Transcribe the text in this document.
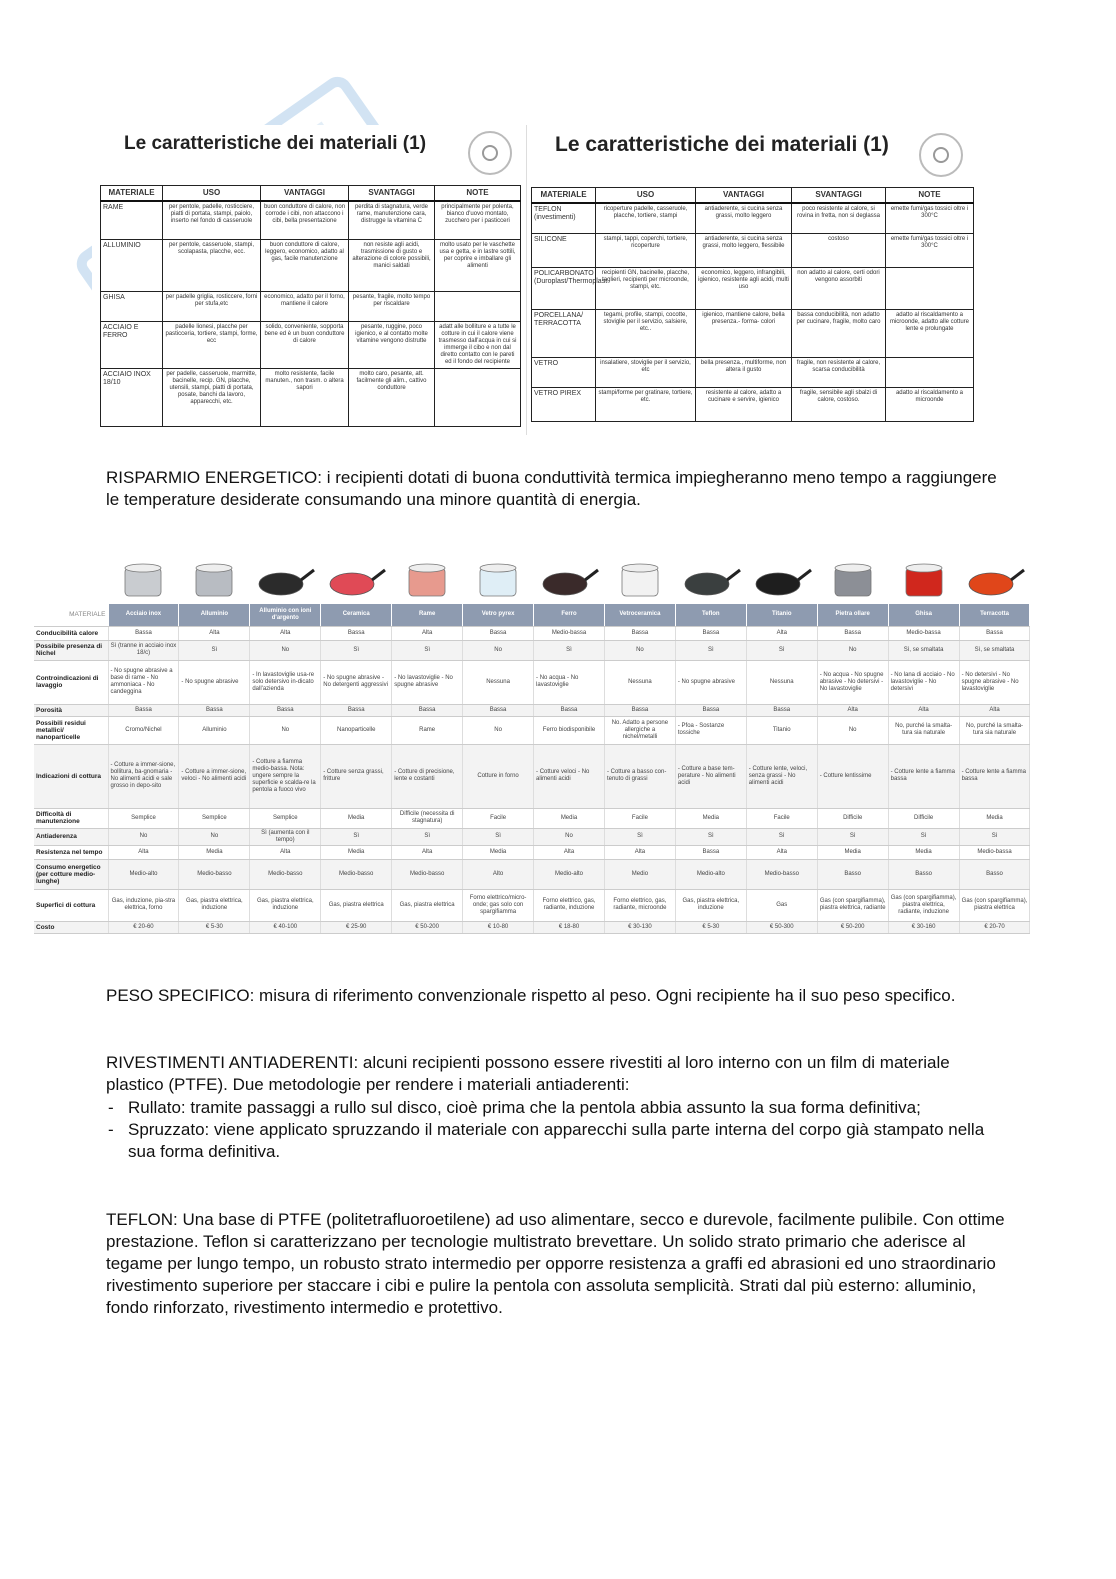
Le caratteristiche dei materiali (1)
MATERIALE	USO	VANTAGGI	SVANTAGGI	NOTE
RAME	per pentole, padelle, rosticciere, piatti di portata, stampi, paiolo, inserto nel fondo di casseruole	buon conduttore di calore, non corrode i cibi, non attaccono i cibi, bella presentazione	perdita di stagnatura, verde rame, manutenzione cara, distrugge la vitamina C	principalmente per polenta, bianco d'uovo montato, zucchero per i pasticceri
ALLUMINIO	per pentole, casseruole, stampi, scolapasta, placche, ecc.	buon conduttore di calore, leggero, economico, adatto al gas, facile manutenzione	non resiste agli acidi, trasmissione di gusto e alterazione di colore possibili, manici saldati	molto usato per le vaschette usa e getta, e in lastre sottili, per coprire e imballare gli alimenti
GHISA	per padelle griglia, rosticcere, forni per stufa,etc	economico, adatto per il forno, mantiene il calore	pesante, fragile, molto tempo per riscaldare	
ACCIAIO E FERRO	padelle lionesi, placche per pasticceria, tortiere, stampi, forme, ecc	solido, conveniente, sopporta bene ed è un buon conduttore di calore	pesante, ruggine, poco igienico, e al contatto molte vitamine vengono distrutte	adatt alle bolliture e a tutte le cotture in cui il calore viene trasmesso dall'acqua in cui si immerge il cibo e non dal diretto contatto con le pareti ed il fondo del recipiente
ACCIAIO INOX 18/10	per padelle, casseruole, marmitte, bacinelle, recip. GN, placche, utensili, stampi, piatti di portata, posate, banchi da lavoro, apparecchi, etc.	molto resistente, facile manuten., non trasm. o altera sapori	molto caro, pesante, att. facilmente gli alim., cattivo conduttore	
Le caratteristiche dei materiali (1)
MATERIALE	USO	VANTAGGI	SVANTAGGI	NOTE
TEFLON (investimenti)	ricoperture padelle, casseruole, placche, tortiere, stampi	antiaderente, si cucina senza grassi, molto leggero	poco resistente al calore, si rovina in fretta, non si deglassa	emette fumi/gas tossici oltre i 300°C
SILICONE	stampi, tappi, coperchi, tortiere, ricoperture	antiaderente, si cucina senza grassi, molto leggero, flessibile	costoso	emette fumi/gas tossici oltre i 300°C
POLICARBONATO (Duroplast/Thermoplast	recipienti GN, bacinelle, placche, taglieri, recipienti per microonde, stampi, etc.	economico, leggero, infrangibili, igienico, resistente agli acidi, multi uso	non adatto al calore, certi odori vengono assorbiti	
PORCELLANA/ TERRACOTTA	tegami, profile, stampi, cocotte, stoviglie per il servizio, salsiere, etc..	igienico, mantiene calore, bella presenza.- forma- colori	bassa conducibilità, non adatto per cucinare, fragile, molto caro	adatto al riscaldamento a microonde, adatto alle cotture lente e prolungate
VETRO	insalatiere, stoviglie per il servizio, etc	bella presenza., multiforme, non altera il gusto	fragile, non resistente al calore, scarsa conducibilità	
VETRO PIREX	stampi/forme per gratinare, tortiere, etc.	resistente al calore, adatto a cucinare e servire, igienico	fragile, sensibile agli sbalzi di calore, costoso.	adatto al riscaldamento a microonde

RISPARMIO ENERGETICO: i recipienti dotati di buona conduttività termica impiegheranno meno tempo a raggiungere le temperature desiderate consumando una minore quantità di energia.

MATERIALE	Acciaio inox	Alluminio	Alluminio con ioni d'argento	Ceramica	Rame	Vetro pyrex	Ferro	Vetroceramica	Teflon	Titanio	Pietra ollare	Ghisa	Terracotta
Conducibilità calore	Bassa	Alta	Alta	Bassa	Alta	Bassa	Medio-bassa	Bassa	Bassa	Alta	Bassa	Medio-bassa	Bassa
Possibile presenza di Nichel	Sì (tranne in acciaio inox 18/c)	Sì	No	Sì	Sì	No	Sì	No	Sì	Sì	No	Sì, se smaltata	Sì, se smaltata
Controindicazioni di lavaggio	- No spugne abrasive a base di rame - No ammoniaca - No candeggina	- No spugne abrasive	- In lavastoviglie usa-re solo detersivo in-dicato dall'azienda	- No spugne abrasive - No detergenti aggressivi	- No lavastoviglie - No spugne abrasive	Nessuna	- No acqua - No lavastoviglie	Nessuna	- No spugne abrasive	Nessuna	- No acqua - No spugne abrasive - No detersivi - No lavastoviglie	- No lana di acciaio - No lavastoviglie - No detersivi	- No detersivi - No spugne abrasive - No lavastoviglie
Porosità	Bassa	Bassa	Bassa	Bassa	Bassa	Bassa	Bassa	Bassa	Bassa	Bassa	Alta	Alta	Alta
Possibili residui metallici/ nanoparticelle	Cromo/Nichel	Alluminio	No	Nanoparticelle	Rame	No	Ferro biodisponibile	No. Adatto a persone allergiche a nichel/metalli	- Pfoa - Sostanze tossiche	Titanio	No	No, purché la smalta-tura sia naturale	No, purché la smalta-tura sia naturale
Indicazioni di cottura	- Cotture a immer-sione, bollitura, ba-gnomaria - No alimenti acidi e sale grosso in depo-sito	- Cotture a immer-sione, veloci - No alimenti acidi	- Cotture a fiamma medio-bassa. Nota: ungere sempre la superficie e scalda-re la pentola a fuoco vivo	- Cotture senza grassi, fritture	- Cotture di precisione, lente e costanti	Cotture in forno	- Cotture veloci - No alimenti acidi	- Cotture a basso con-tenuto di grassi	- Cotture a base tem-perature - No alimenti acidi	- Cotture lente, veloci, senza grassi - No alimenti acidi	- Cotture lentissime	- Cotture lente a fiamma bassa	- Cotture lente a fiamma bassa
Difficoltà di manutenzione	Semplice	Semplice	Semplice	Media	Difficile (necessita di stagnatura)	Facile	Media	Facile	Media	Facile	Difficile	Difficile	Media
Antiaderenza	No	No	Sì (aumenta con il tempo)	Sì	Sì	Sì	No	Sì	Sì	Sì	Sì	Sì	Sì
Resistenza nel tempo	Alta	Media	Alta	Media	Alta	Media	Alta	Alta	Bassa	Alta	Media	Media	Medio-bassa
Consumo energetico (per cotture medio-lunghe)	Medio-alto	Medio-basso	Medio-basso	Medio-basso	Medio-basso	Alto	Medio-alto	Medio	Medio-alto	Medio-basso	Basso	Basso	Basso
Superfici di cottura	Gas, induzione, pia-stra elettrica, forno	Gas, piastra elettrica, induzione	Gas, piastra elettrica, induzione	Gas, piastra elettrica	Gas, piastra elettrica	Forno elettrico/micro-onde; gas solo con spargifiamma	Forno elettrico, gas, radiante, induzione	Forno elettrico, gas, radiante, microonde	Gas, piastra elettrica, induzione	Gas	Gas (con spargifiamma), piastra elettrica, radiante	Gas (con spargifiamma), piastra elettrica, radiante, induzione	Gas (con spargifiamma), piastra elettrica
Costo	€ 20-60	€ 5-30	€ 40-100	€ 25-90	€ 50-200	€ 10-80	€ 18-80	€ 30-130	€ 5-30	€ 50-300	€ 50-200	€ 30-160	€ 20-70

PESO SPECIFICO: misura di riferimento convenzionale rispetto al peso. Ogni recipiente ha il suo peso specifico.

RIVESTIMENTI ANTIADERENTI: alcuni recipienti possono essere rivestiti al loro interno con un film di materiale plastico (PTFE). Due metodologie per rendere i materiali antiaderenti:

- Rullato: tramite passaggi a rullo sul disco, cioè prima che la pentola abbia assunto la sua forma definitiva;
- Spruzzato: viene applicato spruzzando il materiale con apparecchi sulla parte interna del corpo già stampato nella sua forma definitiva.

TEFLON: Una base di PTFE (politetrafluoroetilene) ad uso alimentare, secco e durevole, facilmente pulibile. Con ottime prestazione. Teflon si caratterizzano per tecnologie multistrato brevettare. Un solido strato primario che aderisce al tegame per lungo tempo, un robusto strato intermedio per opporre resistenza a graffi ed abrasioni ed uno straordinario rivestimento superiore per staccare i cibi e pulire la pentola con assoluta semplicità. Strati dal più esterno: alluminio, fondo rinforzato, rivestimento intermedio e protettivo.
